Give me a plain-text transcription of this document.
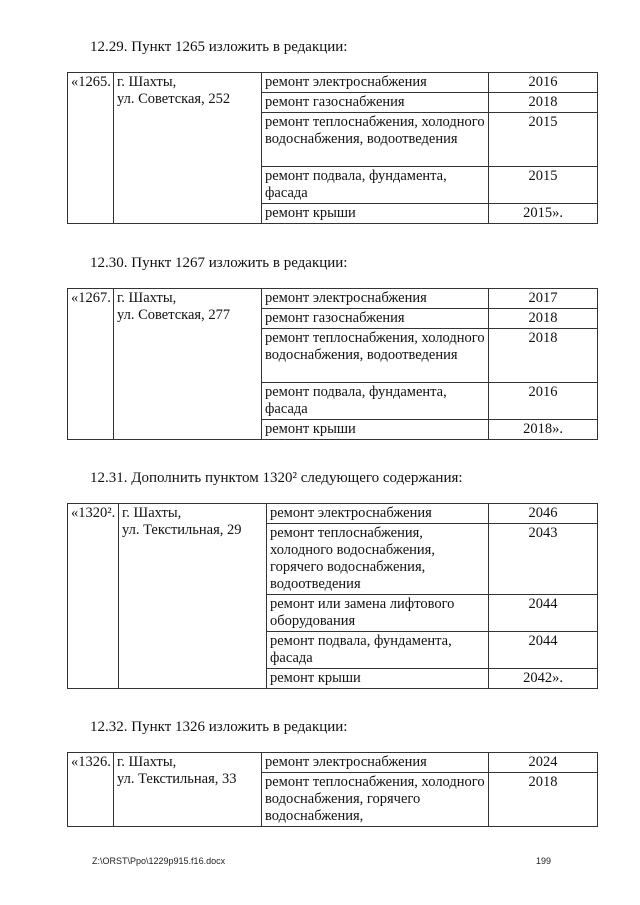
12.29. Пункт 1265 изложить в редакции:
«1265.	г. Шахты,
ул. Советская, 252	ремонт электроснабжения	2016
		ремонт газоснабжения	2018
		ремонт теплоснабжения, холодного водоснабжения, водоотведения	2015
		ремонт подвала, фундамента, фасада	2015
		ремонт крыши	2015».
12.30. Пункт 1267 изложить в редакции:
«1267.	г. Шахты,
ул. Советская, 277	ремонт электроснабжения	2017
		ремонт газоснабжения	2018
		ремонт теплоснабжения, холодного водоснабжения, водоотведения	2018
		ремонт подвала, фундамента, фасада	2016
		ремонт крыши	2018».
12.31. Дополнить пунктом 1320² следующего содержания:
«1320².	г. Шахты,
ул. Текстильная, 29	ремонт электроснабжения	2046
		ремонт теплоснабжения, холодного водоснабжения, горячего водоснабжения, водоотведения	2043
		ремонт или замена лифтового оборудования	2044
		ремонт подвала, фундамента, фасада	2044
		ремонт крыши	2042».
12.32. Пункт 1326 изложить в редакции:
«1326.	г. Шахты,
ул. Текстильная, 33	ремонт электроснабжения	2024
		ремонт теплоснабжения, холодного водоснабжения, горячего водоснабжения,	2018
Z:\ORST\Ppo\1229p915.f16.docx	199
